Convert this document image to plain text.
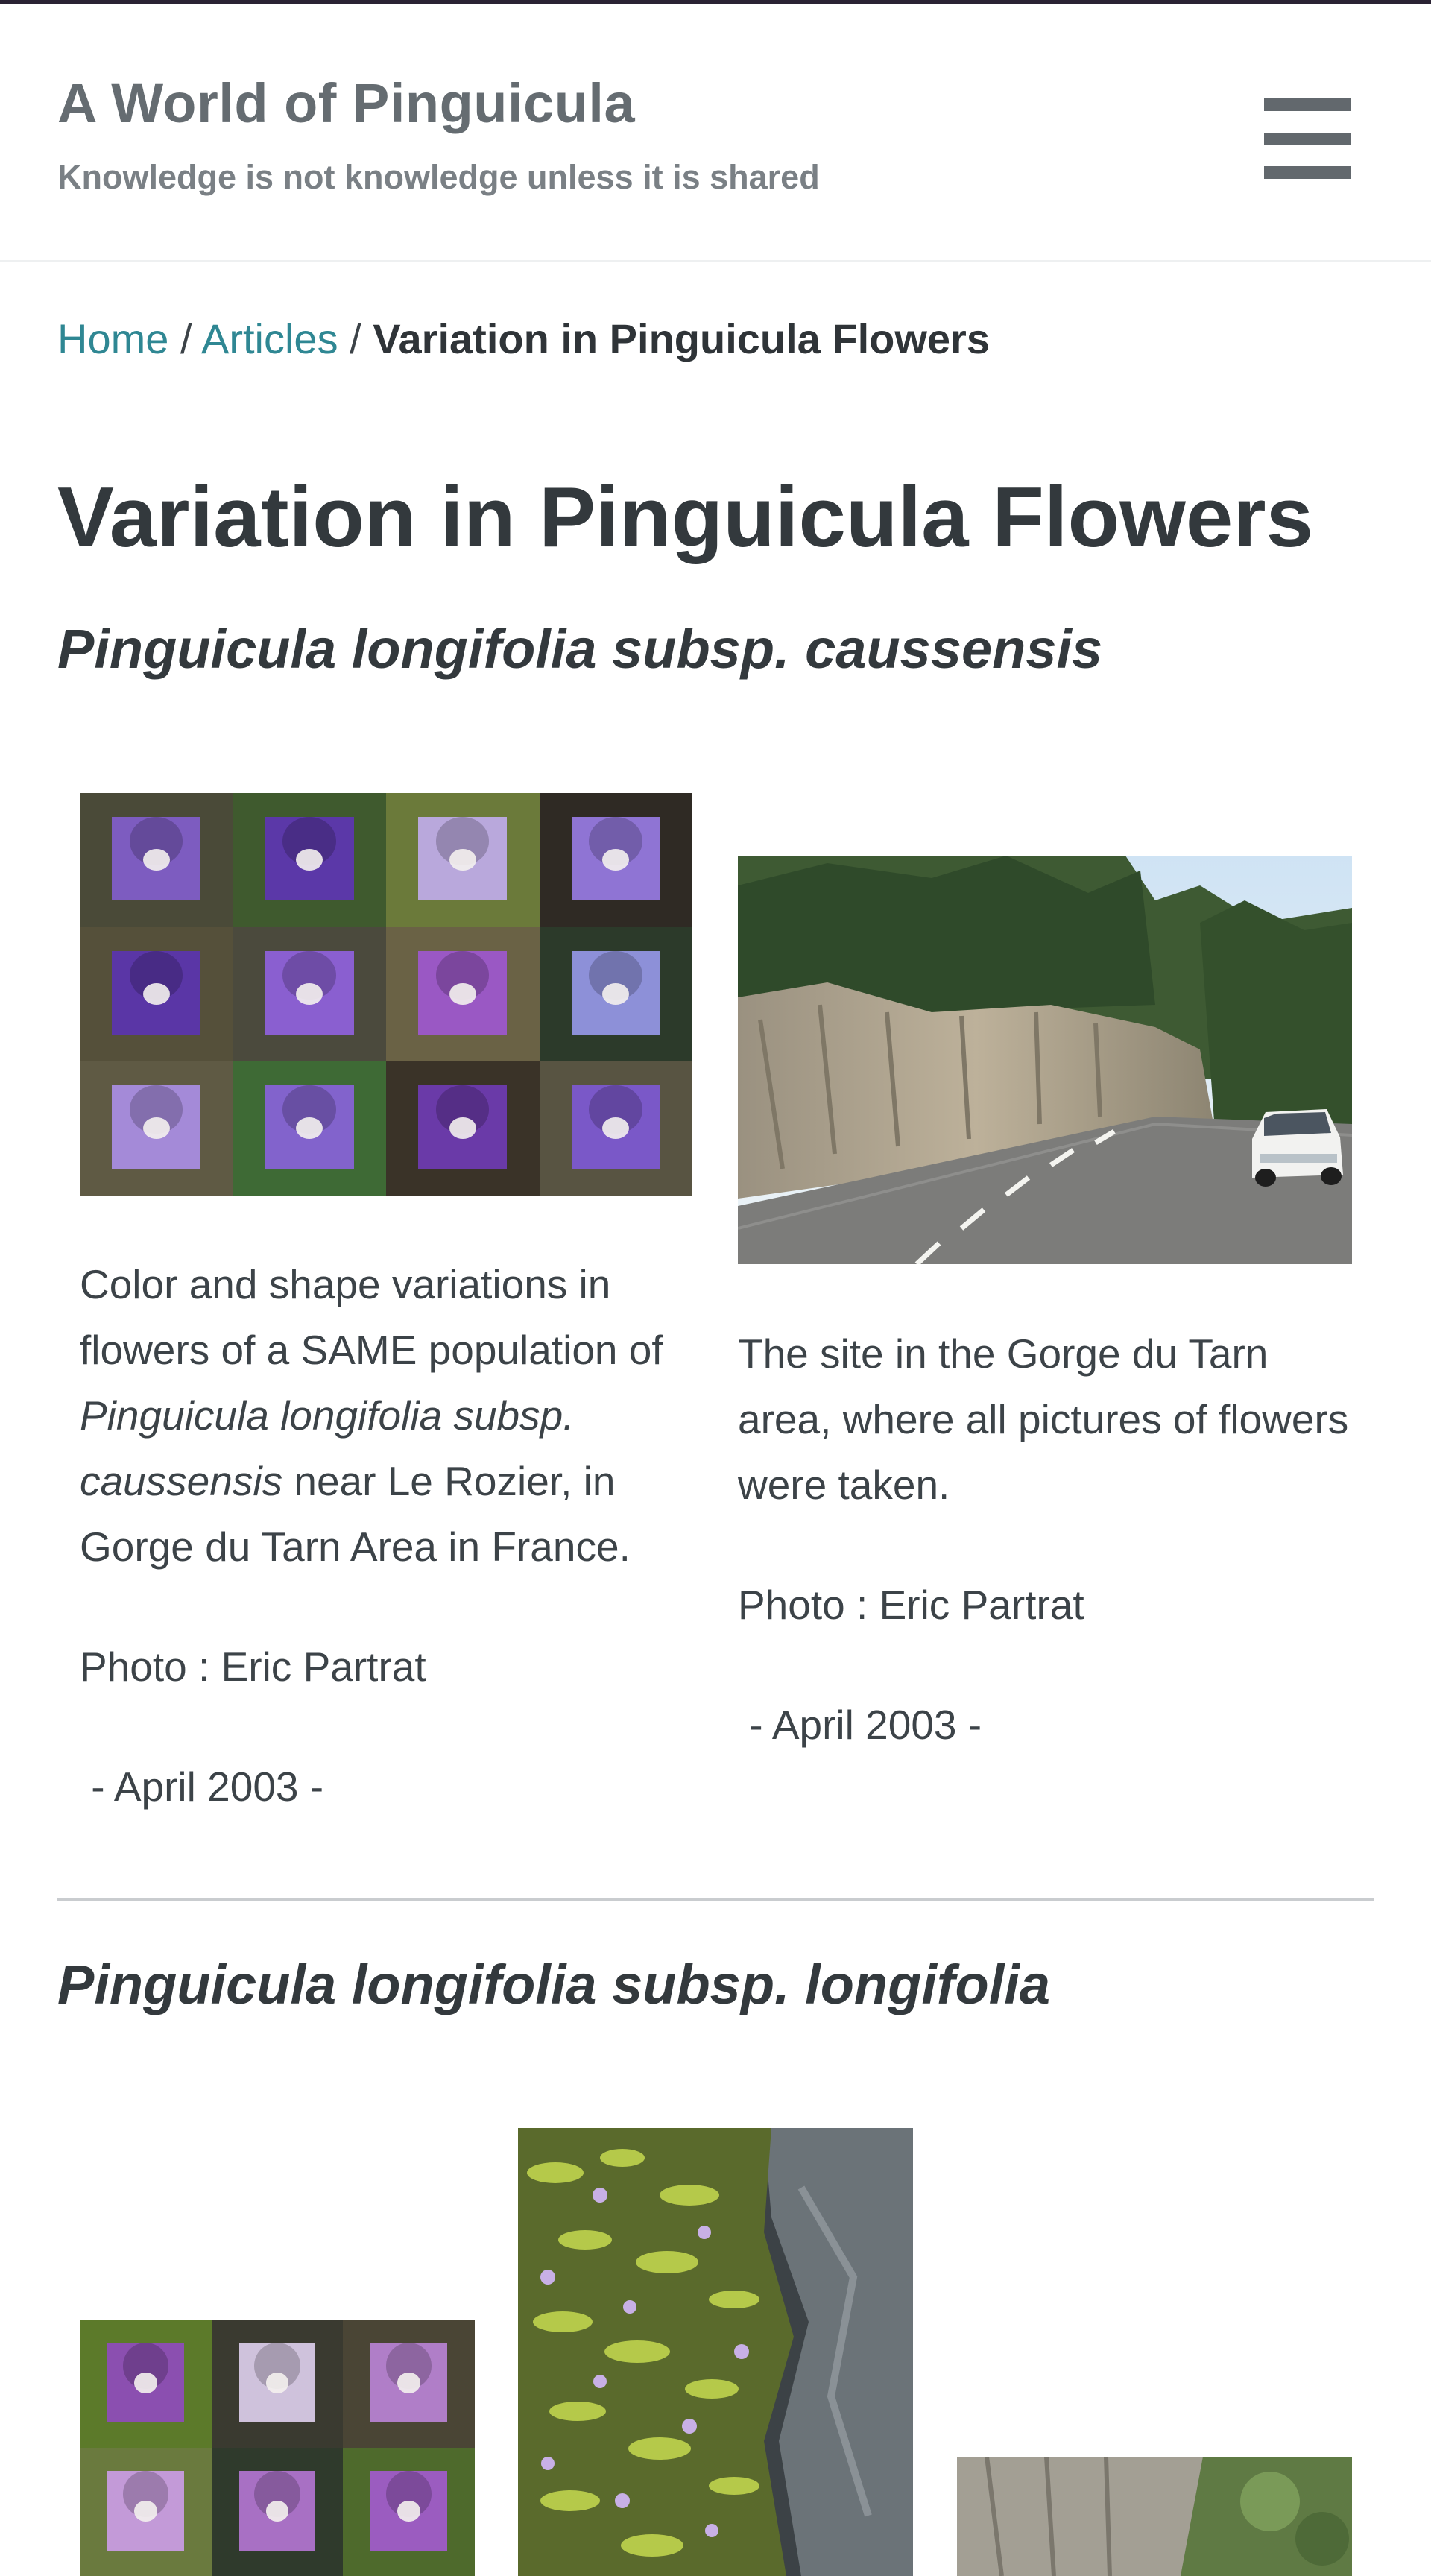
A World of Pinguicula
Knowledge is not knowledge unless it is shared
Home / Articles / Variation in Pinguicula Flowers
Variation in Pinguicula Flowers
Pinguicula longifolia subsp. caussensis

Color and shape variations in flowers of a SAME population of Pinguicula longifolia subsp. caussensis near Le Rozier, in Gorge du Tarn Area in France.

Photo : Eric Partrat

- April 2003 -

The site in the Gorge du Tarn area, where all pictures of flowers were taken.

Photo : Eric Partrat

- April 2003 -

Pinguicula longifolia subsp. longifolia
